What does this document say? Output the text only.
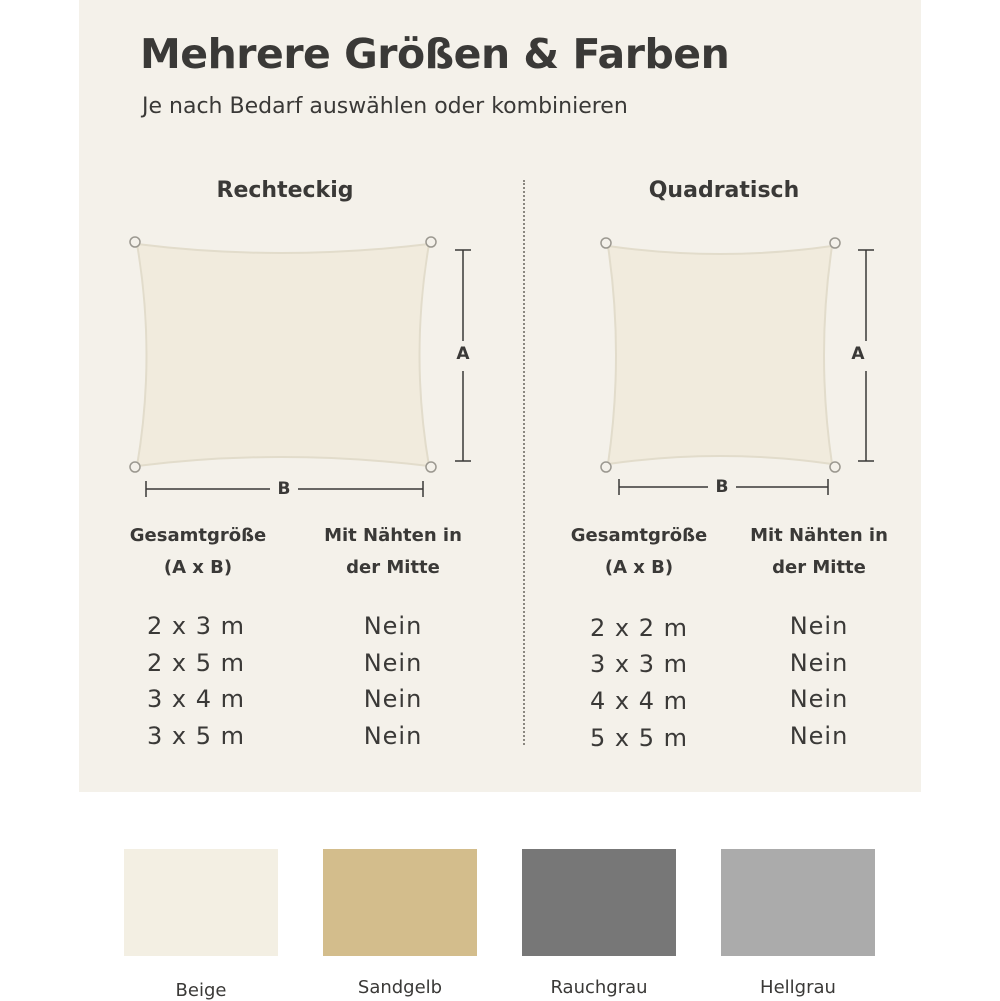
Mehrere Größen & Farben
Je nach Bedarf auswählen oder kombinieren
Rechteckig	Quadratisch
A
B
A
B
Gesamtgröße
(A x B)
Mit Nähten in
der Mitte
2 x 3 m	Nein
2 x 5 m	Nein
3 x 4 m	Nein
3 x 5 m	Nein
Gesamtgröße
(A x B)
Mit Nähten in
der Mitte
2 x 2 m	Nein
3 x 3 m	Nein
4 x 4 m	Nein
5 x 5 m	Nein
Beige	Sandgelb	Rauchgrau	Hellgrau
